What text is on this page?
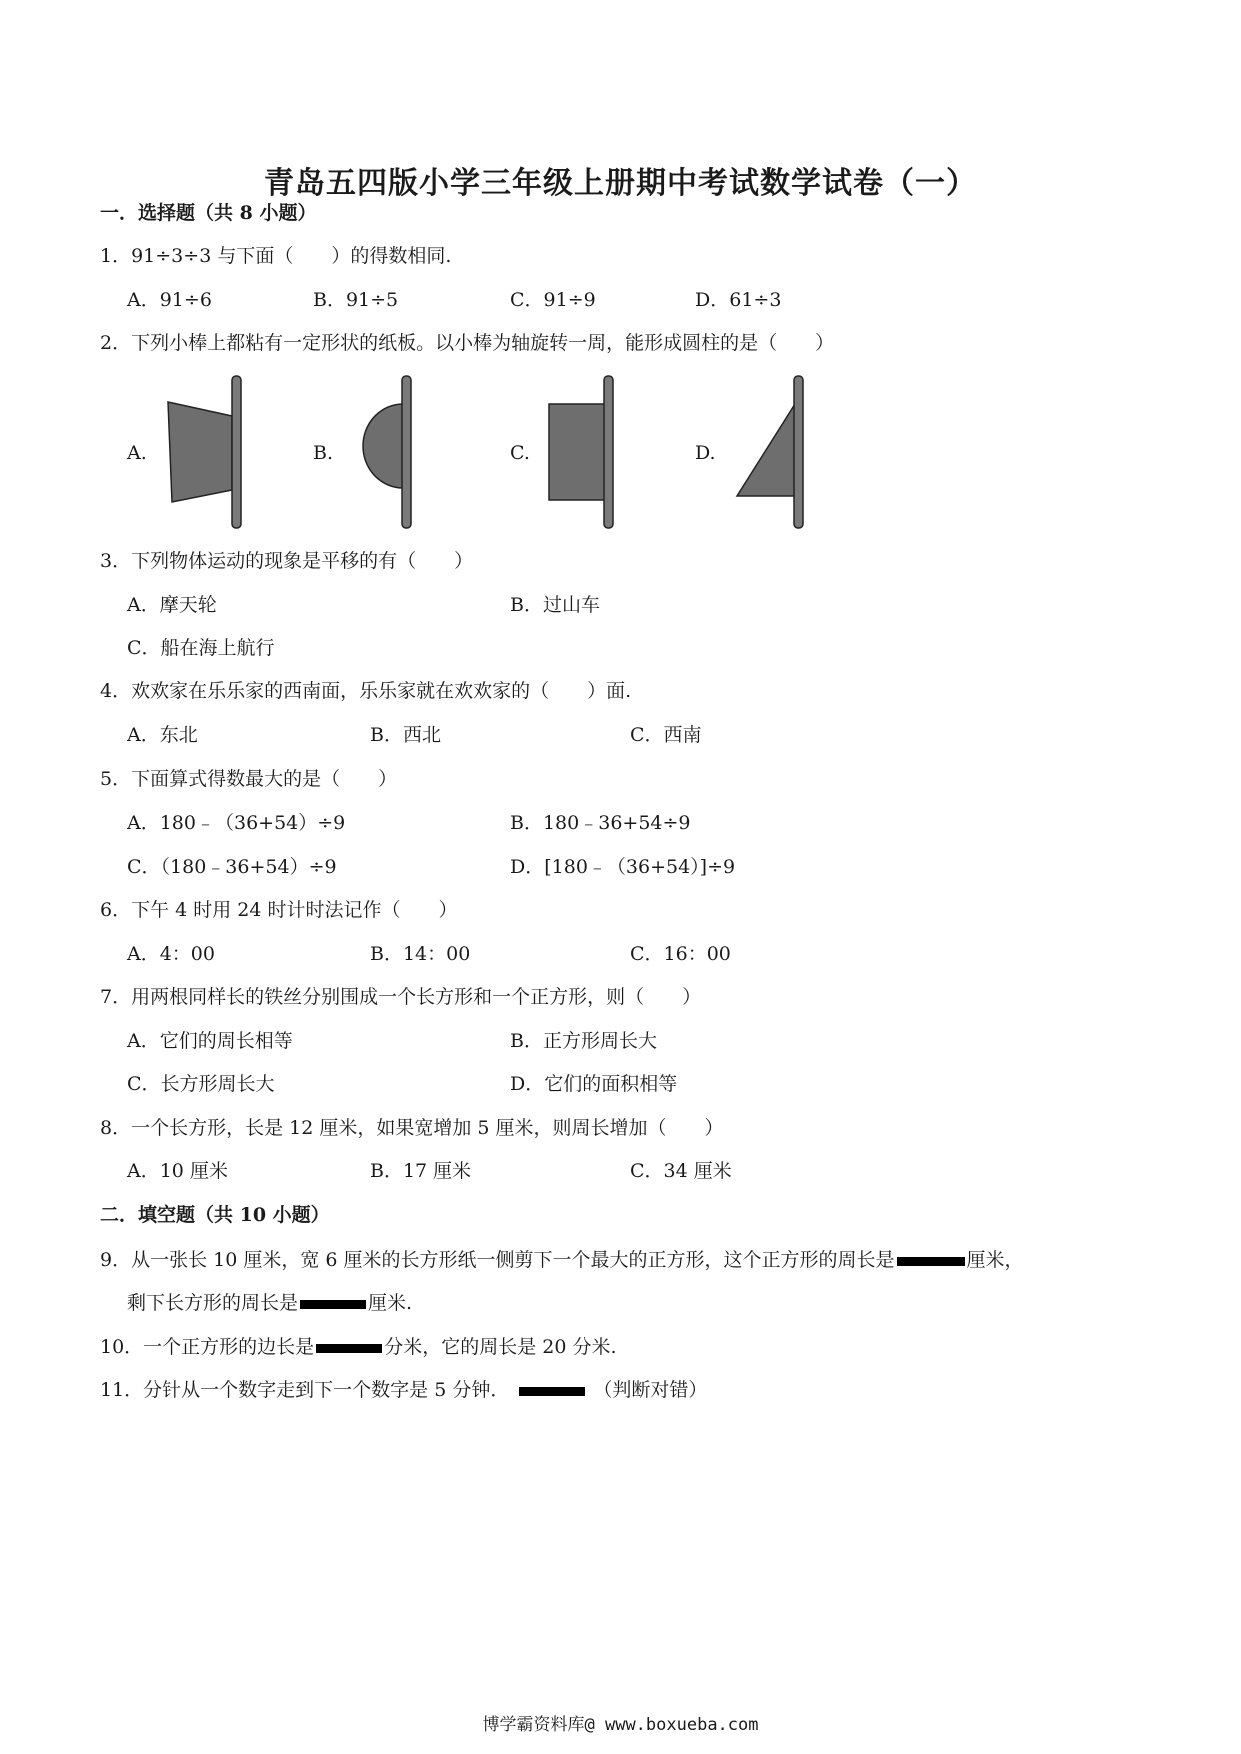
青岛五四版小学三年级上册期中考试数学试卷（一）
一．选择题（共 8 小题）
1．91÷3÷3 与下面（　　）的得数相同.
A．91÷6	B．91÷5	C．91÷9	D．61÷3
2．下列小棒上都粘有一定形状的纸板。以小棒为轴旋转一周，能形成圆柱的是（　　）
A.	B.	C.	D.
3．下列物体运动的现象是平移的有（　　）
A．摩天轮	B．过山车
C．船在海上航行
4．欢欢家在乐乐家的西南面，乐乐家就在欢欢家的（　　）面.
A．东北	B．西北	C．西南
5．下面算式得数最大的是（　　）
A．180﹣（36+54）÷9	B．180﹣36+54÷9
C．（180﹣36+54）÷9	D．[180﹣（36+54）]÷9
6．下午 4 时用 24 时计时法记作（　　）
A．4：00	B．14：00	C．16：00
7．用两根同样长的铁丝分别围成一个长方形和一个正方形，则（　　）
A．它们的周长相等	B．正方形周长大
C．长方形周长大	D．它们的面积相等
8．一个长方形，长是 12 厘米，如果宽增加 5 厘米，则周长增加（　　）
A．10 厘米	B．17 厘米	C．34 厘米
二．填空题（共 10 小题）
9．从一张长 10 厘米，宽 6 厘米的长方形纸一侧剪下一个最大的正方形，这个正方形的周长是	厘米，
剩下长方形的周长是	厘米.
10．一个正方形的边长是	分米，它的周长是 20 分米.
11．分针从一个数字走到下一个数字是 5 分钟．	（判断对错）
博学霸资料库@ www.boxueba.com
